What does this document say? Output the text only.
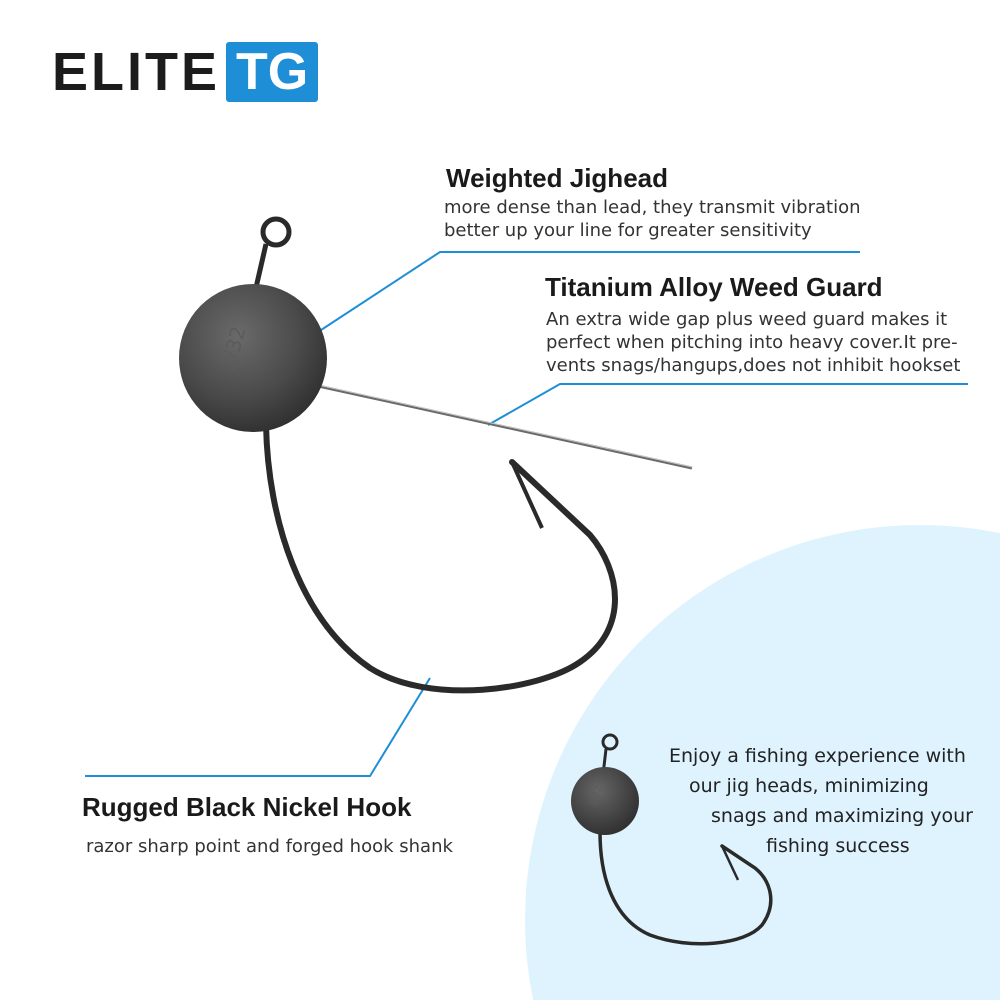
3/32
3/32
ELITE TG
Weighted Jighead
more dense than lead, they transmit vibration
better up your line for greater sensitivity
Titanium Alloy Weed Guard
An extra wide gap plus weed guard makes it
perfect when pitching into heavy cover.It pre-
vents snags/hangups,does not inhibit hookset
Rugged Black Nickel Hook
razor sharp point and forged hook shank
Enjoy a fishing experience with
our jig heads, minimizing
snags and maximizing your
fishing success
